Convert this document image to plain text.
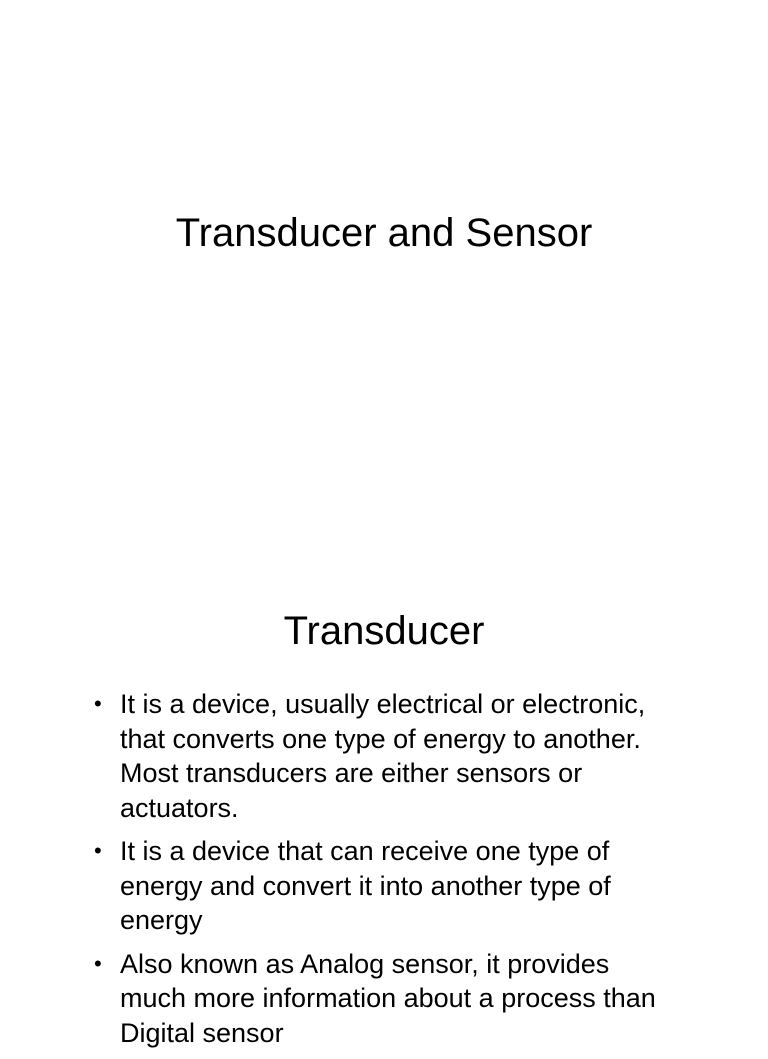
Transducer and Sensor
Transducer
• It is a device, usually electrical or electronic, that converts one type of energy to another. Most transducers are either sensors or actuators.
• It is a device that can receive one type of energy and convert it into another type of energy
• Also known as Analog sensor, it provides much more information about a process than Digital sensor
